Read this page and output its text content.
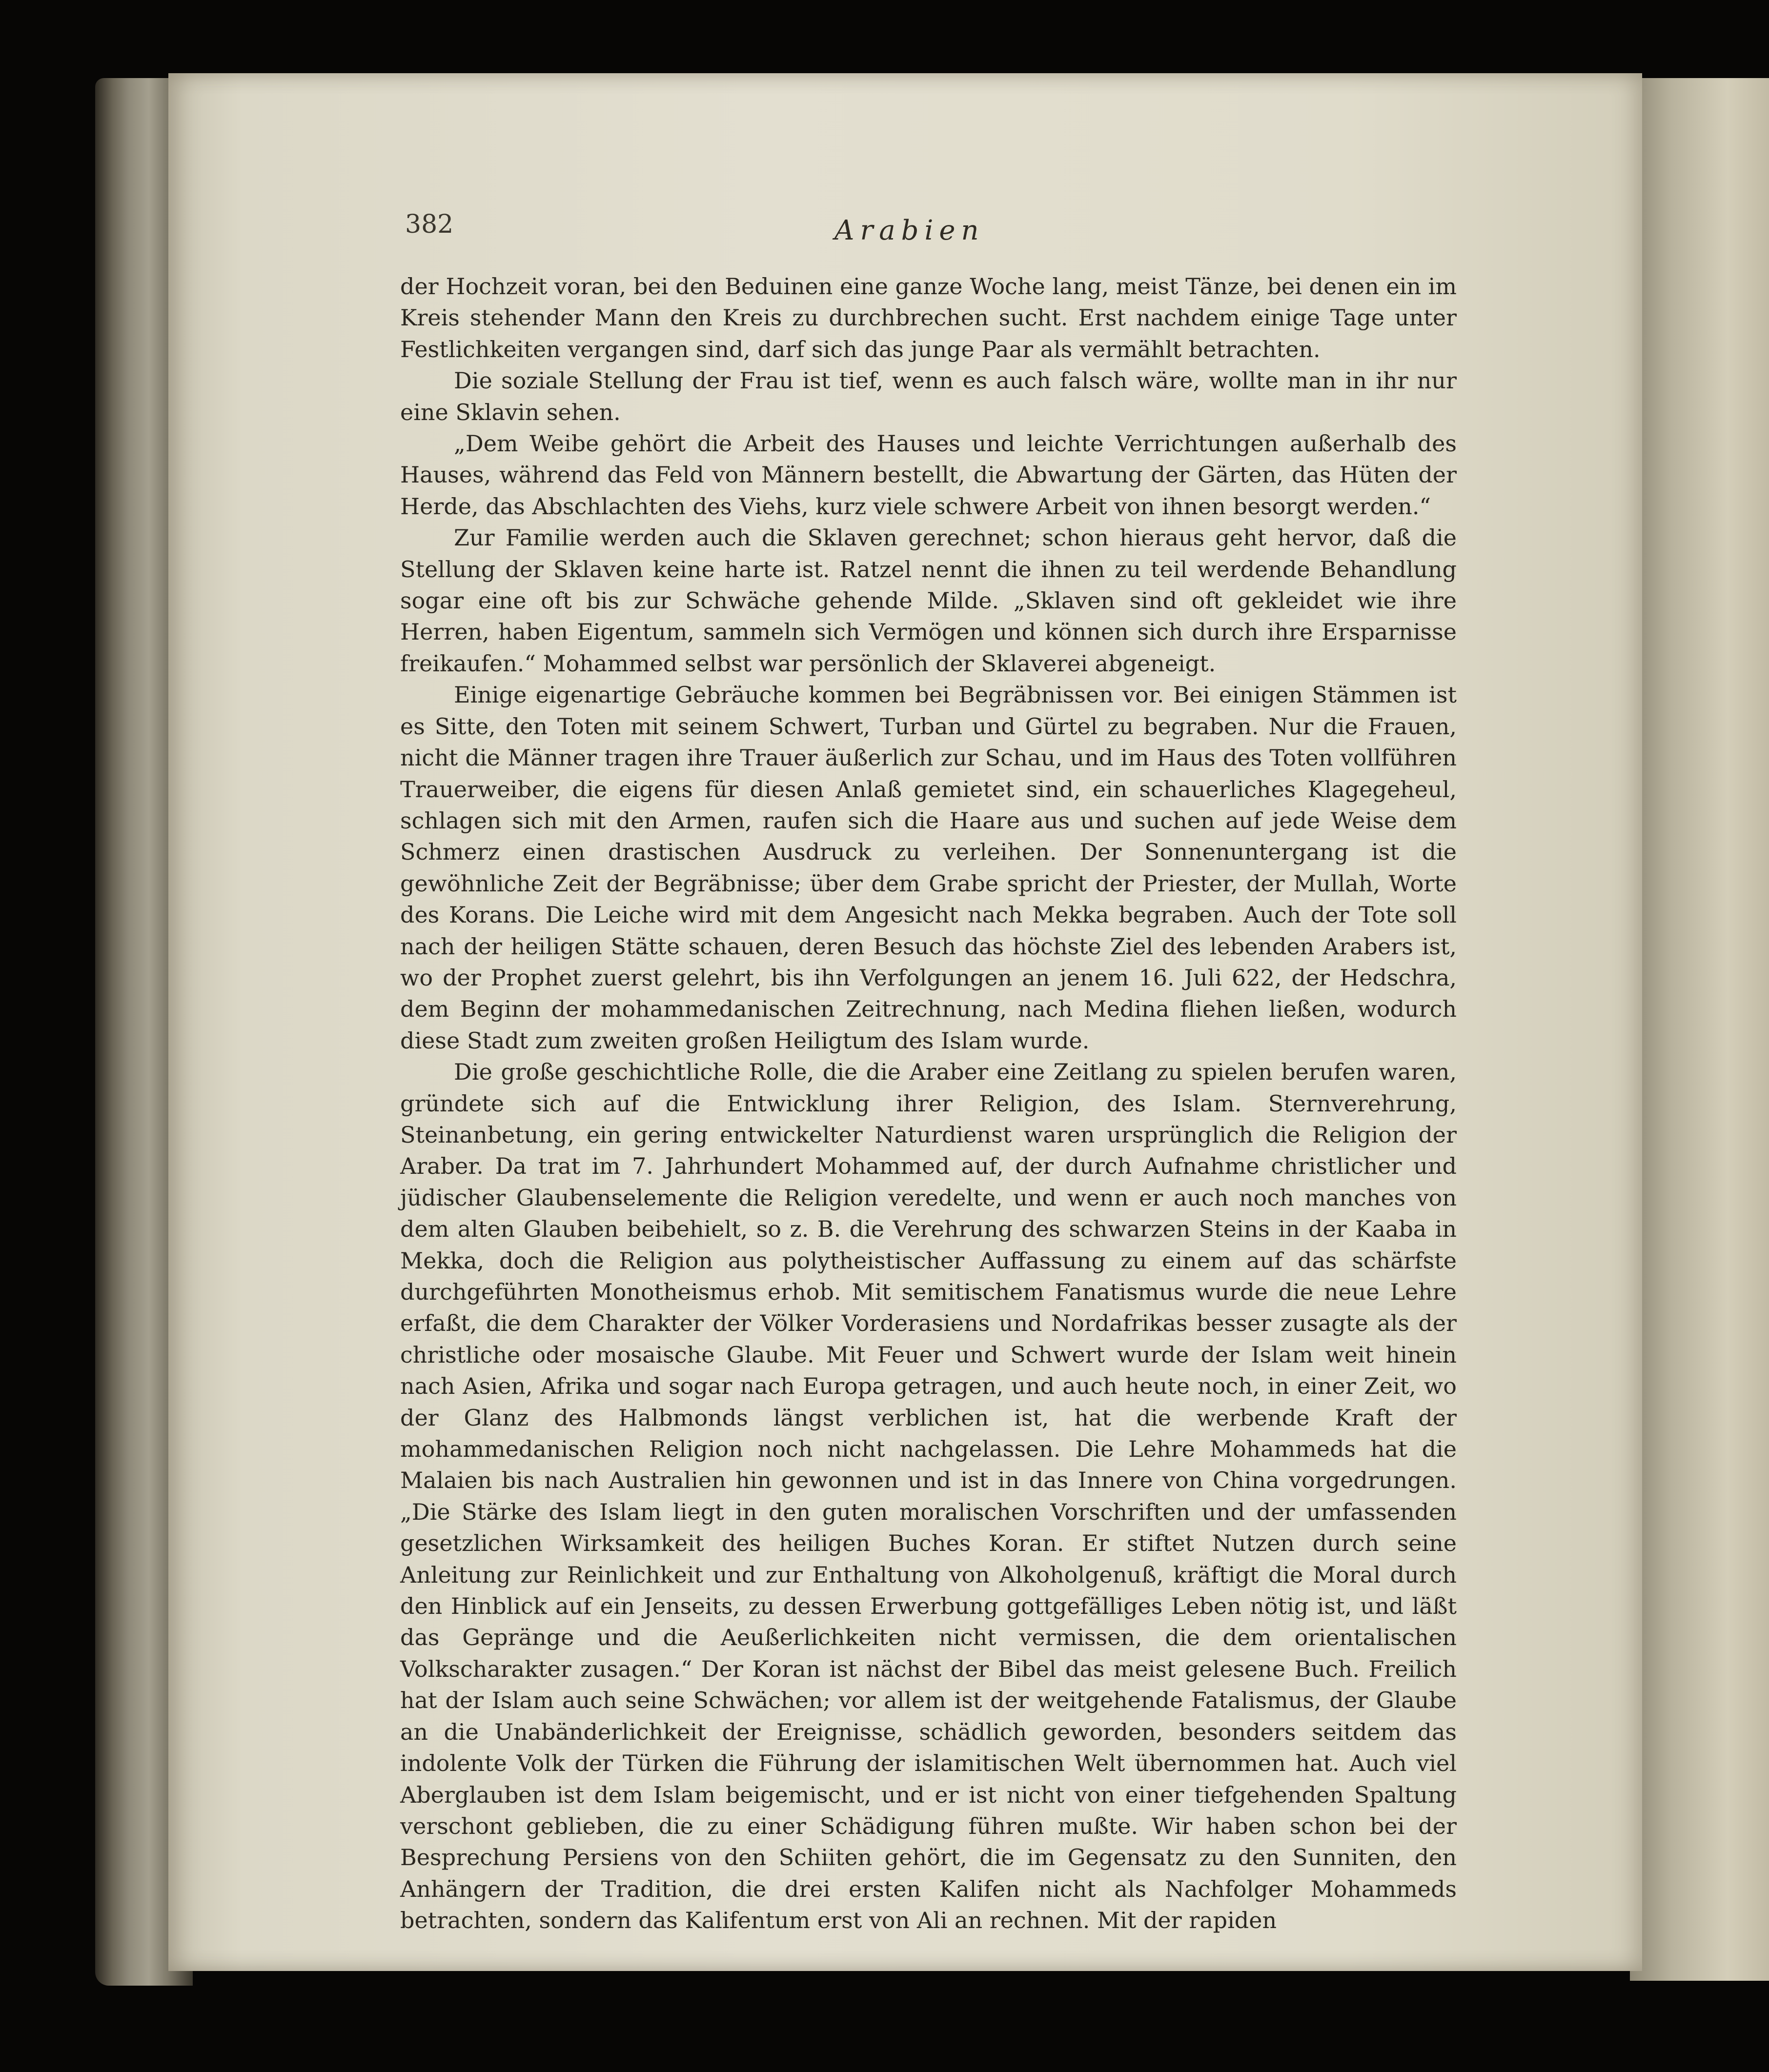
382	Arabien

der Hochzeit voran, bei den Beduinen eine ganze Woche lang, meist Tänze, bei denen ein im Kreis stehender Mann den Kreis zu durchbrechen sucht. Erst nachdem einige Tage unter Festlichkeiten vergangen sind, darf sich das junge Paar als vermählt betrachten.

Die soziale Stellung der Frau ist tief, wenn es auch falsch wäre, wollte man in ihr nur eine Sklavin sehen.

„Dem Weibe gehört die Arbeit des Hauses und leichte Verrichtungen außerhalb des Hauses, während das Feld von Männern bestellt, die Abwartung der Gärten, das Hüten der Herde, das Abschlachten des Viehs, kurz viele schwere Arbeit von ihnen besorgt werden.“

Zur Familie werden auch die Sklaven gerechnet; schon hieraus geht hervor, daß die Stellung der Sklaven keine harte ist. Ratzel nennt die ihnen zu teil werdende Behandlung sogar eine oft bis zur Schwäche gehende Milde. „Sklaven sind oft gekleidet wie ihre Herren, haben Eigentum, sammeln sich Vermögen und können sich durch ihre Ersparnisse freikaufen.“ Mohammed selbst war persönlich der Sklaverei abgeneigt.

Einige eigenartige Gebräuche kommen bei Begräbnissen vor. Bei einigen Stämmen ist es Sitte, den Toten mit seinem Schwert, Turban und Gürtel zu begraben. Nur die Frauen, nicht die Männer tragen ihre Trauer äußerlich zur Schau, und im Haus des Toten vollführen Trauerweiber, die eigens für diesen Anlaß gemietet sind, ein schauerliches Klagegeheul, schlagen sich mit den Armen, raufen sich die Haare aus und suchen auf jede Weise dem Schmerz einen drastischen Ausdruck zu verleihen. Der Sonnenuntergang ist die gewöhnliche Zeit der Begräbnisse; über dem Grabe spricht der Priester, der Mullah, Worte des Korans. Die Leiche wird mit dem Angesicht nach Mekka begraben. Auch der Tote soll nach der heiligen Stätte schauen, deren Besuch das höchste Ziel des lebenden Arabers ist, wo der Prophet zuerst gelehrt, bis ihn Verfolgungen an jenem 16. Juli 622, der Hedschra, dem Beginn der mohammedanischen Zeitrechnung, nach Medina fliehen ließen, wodurch diese Stadt zum zweiten großen Heiligtum des Islam wurde.

Die große geschichtliche Rolle, die die Araber eine Zeitlang zu spielen berufen waren, gründete sich auf die Entwicklung ihrer Religion, des Islam. Sternverehrung, Steinanbetung, ein gering entwickelter Naturdienst waren ursprünglich die Religion der Araber. Da trat im 7. Jahrhundert Mohammed auf, der durch Aufnahme christlicher und jüdischer Glaubenselemente die Religion veredelte, und wenn er auch noch manches von dem alten Glauben beibehielt, so z. B. die Verehrung des schwarzen Steins in der Kaaba in Mekka, doch die Religion aus polytheistischer Auffassung zu einem auf das schärfste durchgeführten Monotheismus erhob. Mit semitischem Fanatismus wurde die neue Lehre erfaßt, die dem Charakter der Völker Vorderasiens und Nordafrikas besser zusagte als der christliche oder mosaische Glaube. Mit Feuer und Schwert wurde der Islam weit hinein nach Asien, Afrika und sogar nach Europa getragen, und auch heute noch, in einer Zeit, wo der Glanz des Halbmonds längst verblichen ist, hat die werbende Kraft der mohammedanischen Religion noch nicht nachgelassen. Die Lehre Mohammeds hat die Malaien bis nach Australien hin gewonnen und ist in das Innere von China vorgedrungen. „Die Stärke des Islam liegt in den guten moralischen Vorschriften und der umfassenden gesetzlichen Wirksamkeit des heiligen Buches Koran. Er stiftet Nutzen durch seine Anleitung zur Reinlichkeit und zur Enthaltung von Alkoholgenuß, kräftigt die Moral durch den Hinblick auf ein Jenseits, zu dessen Erwerbung gottgefälliges Leben nötig ist, und läßt das Gepränge und die Aeußerlichkeiten nicht vermissen, die dem orientalischen Volkscharakter zusagen.“ Der Koran ist nächst der Bibel das meist gelesene Buch. Freilich hat der Islam auch seine Schwächen; vor allem ist der weitgehende Fatalismus, der Glaube an die Unabänderlichkeit der Ereignisse, schädlich geworden, besonders seitdem das indolente Volk der Türken die Führung der islamitischen Welt übernommen hat. Auch viel Aberglauben ist dem Islam beigemischt, und er ist nicht von einer tiefgehenden Spaltung verschont geblieben, die zu einer Schädigung führen mußte. Wir haben schon bei der Besprechung Persiens von den Schiiten gehört, die im Gegensatz zu den Sunniten, den Anhängern der Tradition, die drei ersten Kalifen nicht als Nachfolger Mohammeds betrachten, sondern das Kalifentum erst von Ali an rechnen. Mit der rapiden
